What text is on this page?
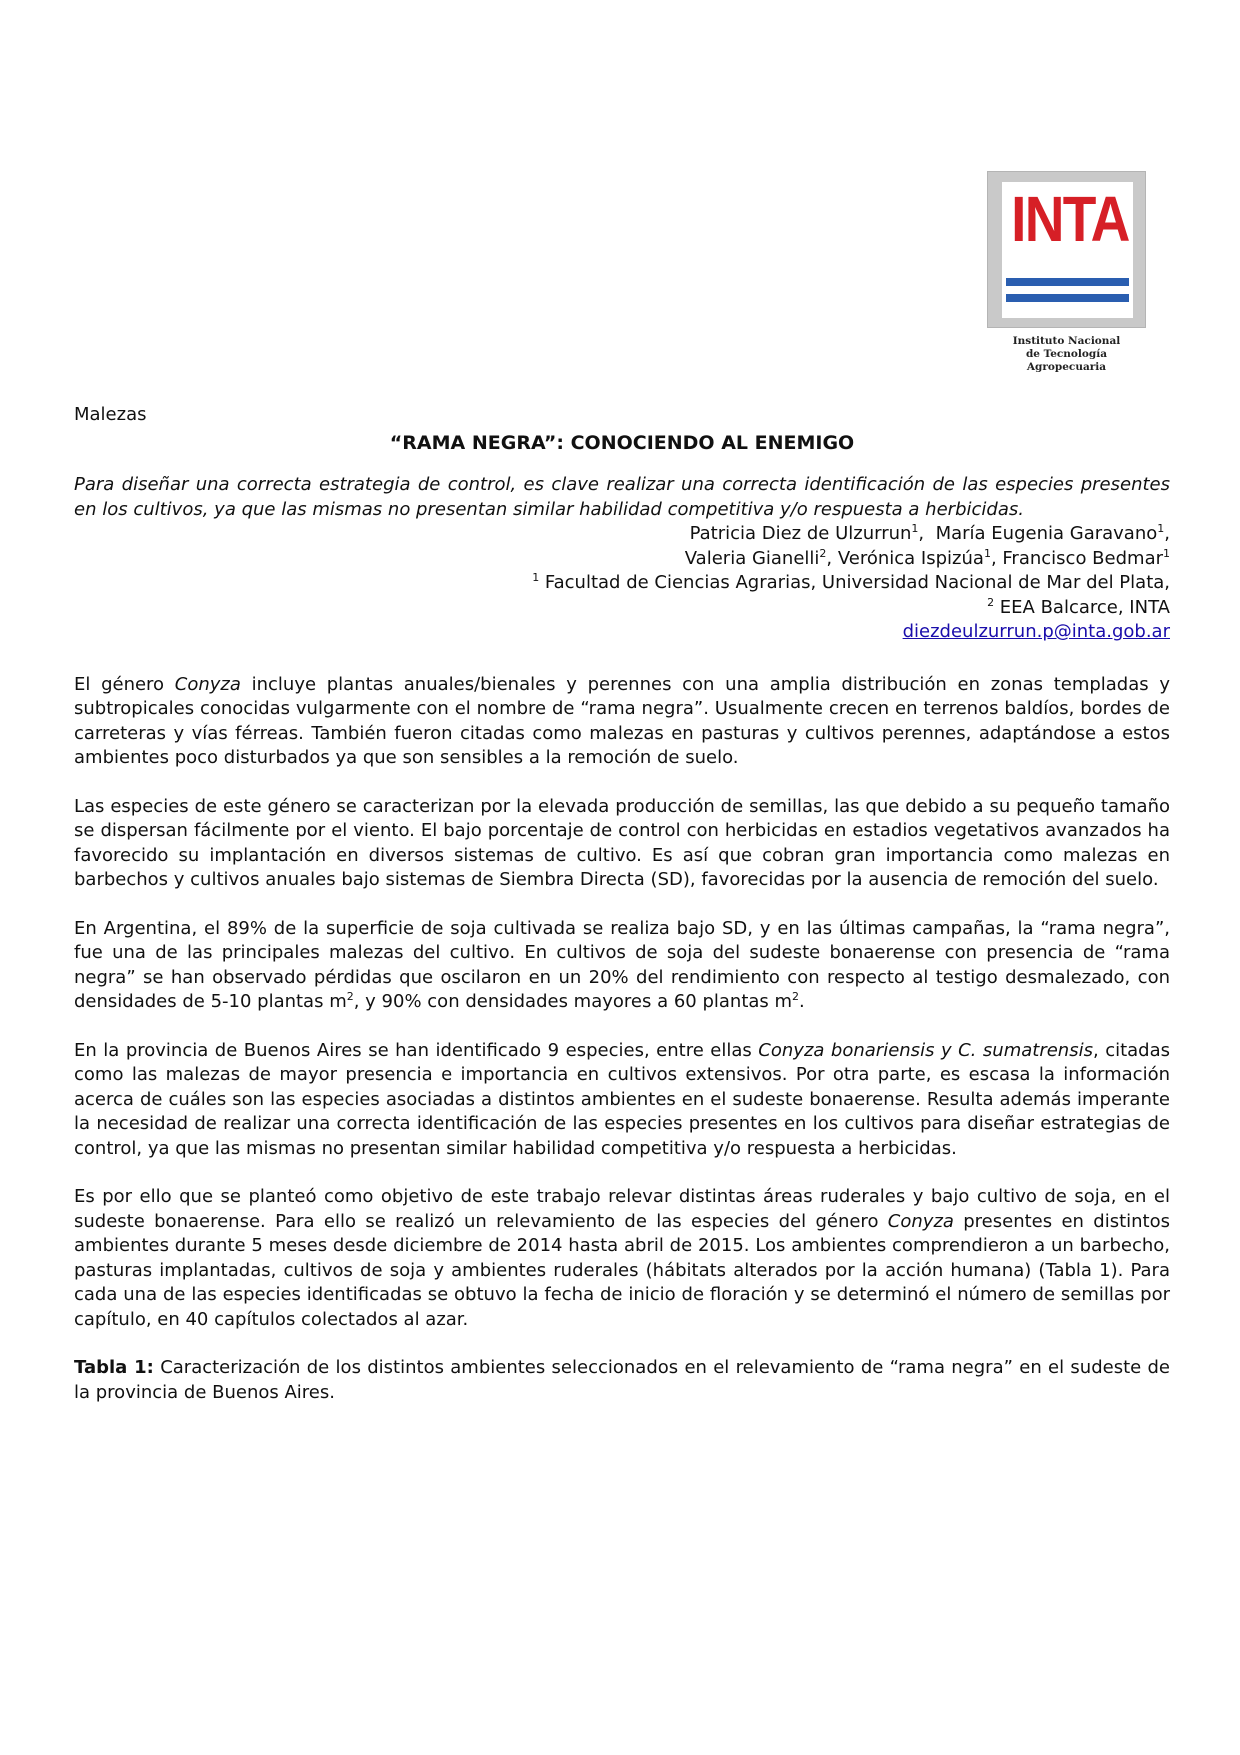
INTA
Instituto Nacional
de Tecnología Agropecuaria
Malezas
“RAMA NEGRA”: CONOCIENDO AL ENEMIGO
Para diseñar una correcta estrategia de control, es clave realizar una correcta identificación de las especies presentes en los cultivos, ya que las mismas no presentan similar habilidad competitiva y/o respuesta a herbicidas.
Patricia Diez de Ulzurrun$^1$,  María Eugenia Garavano$^1$,
Valeria Gianelli$^2$, Verónica Ispizúa$^1$, Francisco Bedmar$^1$
$^1$ Facultad de Ciencias Agrarias, Universidad Nacional de Mar del Plata,
$^2$ EEA Balcarce, INTA
diezdeulzurrun.p@inta.gob.ar
El género Conyza incluye plantas anuales/bienales y perennes con una amplia distribución en zonas templadas y subtropicales conocidas vulgarmente con el nombre de “rama negra”. Usualmente crecen en terrenos baldíos, bordes de carreteras y vías férreas. También fueron citadas como malezas en pasturas y cultivos perennes, adaptándose a estos ambientes poco disturbados ya que son sensibles a la remoción de suelo.
Las especies de este género se caracterizan por la elevada producción de semillas, las que debido a su pequeño tamaño se dispersan fácilmente por el viento. El bajo porcentaje de control con herbicidas en estadios vegetativos avanzados ha favorecido su implantación en diversos sistemas de cultivo. Es así que cobran gran importancia como malezas en barbechos y cultivos anuales bajo sistemas de Siembra Directa (SD), favorecidas por la ausencia de remoción del suelo.
En Argentina, el 89% de la superficie de soja cultivada se realiza bajo SD, y en las últimas campañas, la “rama negra”, fue una de las principales malezas del cultivo. En cultivos de soja del sudeste bonaerense con presencia de “rama negra” se han observado pérdidas que oscilaron en un 20% del rendimiento con respecto al testigo desmalezado, con densidades de 5-10 plantas $m^2$, y 90% con densidades mayores a 60 plantas $m^2$.
En la provincia de Buenos Aires se han identificado 9 especies, entre ellas Conyza bonariensis y C. sumatrensis, citadas como las malezas de mayor presencia e importancia en cultivos extensivos. Por otra parte, es escasa la información acerca de cuáles son las especies asociadas a distintos ambientes en el sudeste bonaerense. Resulta además imperante la necesidad de realizar una correcta identificación de las especies presentes en los cultivos para diseñar estrategias de control, ya que las mismas no presentan similar habilidad competitiva y/o respuesta a herbicidas.
Es por ello que se planteó como objetivo de este trabajo relevar distintas áreas ruderales y bajo cultivo de soja, en el sudeste bonaerense. Para ello se realizó un relevamiento de las especies del género Conyza presentes en distintos ambientes durante 5 meses desde diciembre de 2014 hasta abril de 2015. Los ambientes comprendieron a un barbecho, pasturas implantadas, cultivos de soja y ambientes ruderales (hábitats alterados por la acción humana) (Tabla 1). Para cada una de las especies identificadas se obtuvo la fecha de inicio de floración y se determinó el número de semillas por capítulo, en 40 capítulos colectados al azar.
Tabla 1: Caracterización de los distintos ambientes seleccionados en el relevamiento de “rama negra” en el sudeste de la provincia de Buenos Aires.
